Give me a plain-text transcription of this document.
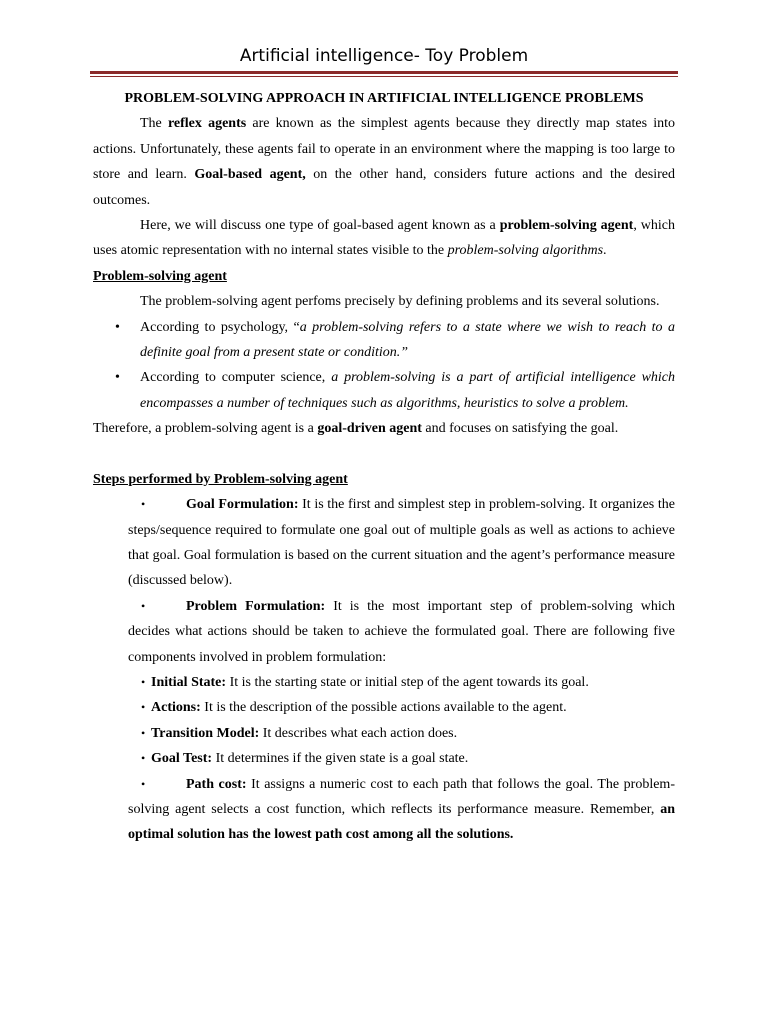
Artificial intelligence- Toy Problem

PROBLEM-SOLVING APPROACH IN ARTIFICIAL INTELLIGENCE PROBLEMS

The reflex agents are known as the simplest agents because they directly map states into actions. Unfortunately, these agents fail to operate in an environment where the mapping is too large to store and learn. Goal-based agent, on the other hand, considers future actions and the desired outcomes.

Here, we will discuss one type of goal-based agent known as a problem-solving agent, which uses atomic representation with no internal states visible to the problem-solving algorithms.

Problem-solving agent

The problem-solving agent perfoms precisely by defining problems and its several solutions.

• According to psychology, “a problem-solving refers to a state where we wish to reach to a definite goal from a present state or condition.”
• According to computer science, a problem-solving is a part of artificial intelligence which encompasses a number of techniques such as algorithms, heuristics to solve a problem.

Therefore, a problem-solving agent is a goal-driven agent and focuses on satisfying the goal.

Steps performed by Problem-solving agent

• Goal Formulation: It is the first and simplest step in problem-solving. It organizes the steps/sequence required to formulate one goal out of multiple goals as well as actions to achieve that goal. Goal formulation is based on the current situation and the agent’s performance measure (discussed below).
• Problem Formulation: It is the most important step of problem-solving which decides what actions should be taken to achieve the formulated goal. There are following five components involved in problem formulation:
• Initial State: It is the starting state or initial step of the agent towards its goal.
• Actions: It is the description of the possible actions available to the agent.
• Transition Model: It describes what each action does.
• Goal Test: It determines if the given state is a goal state.
• Path cost: It assigns a numeric cost to each path that follows the goal. The problem-solving agent selects a cost function, which reflects its performance measure. Remember, an optimal solution has the lowest path cost among all the solutions.
